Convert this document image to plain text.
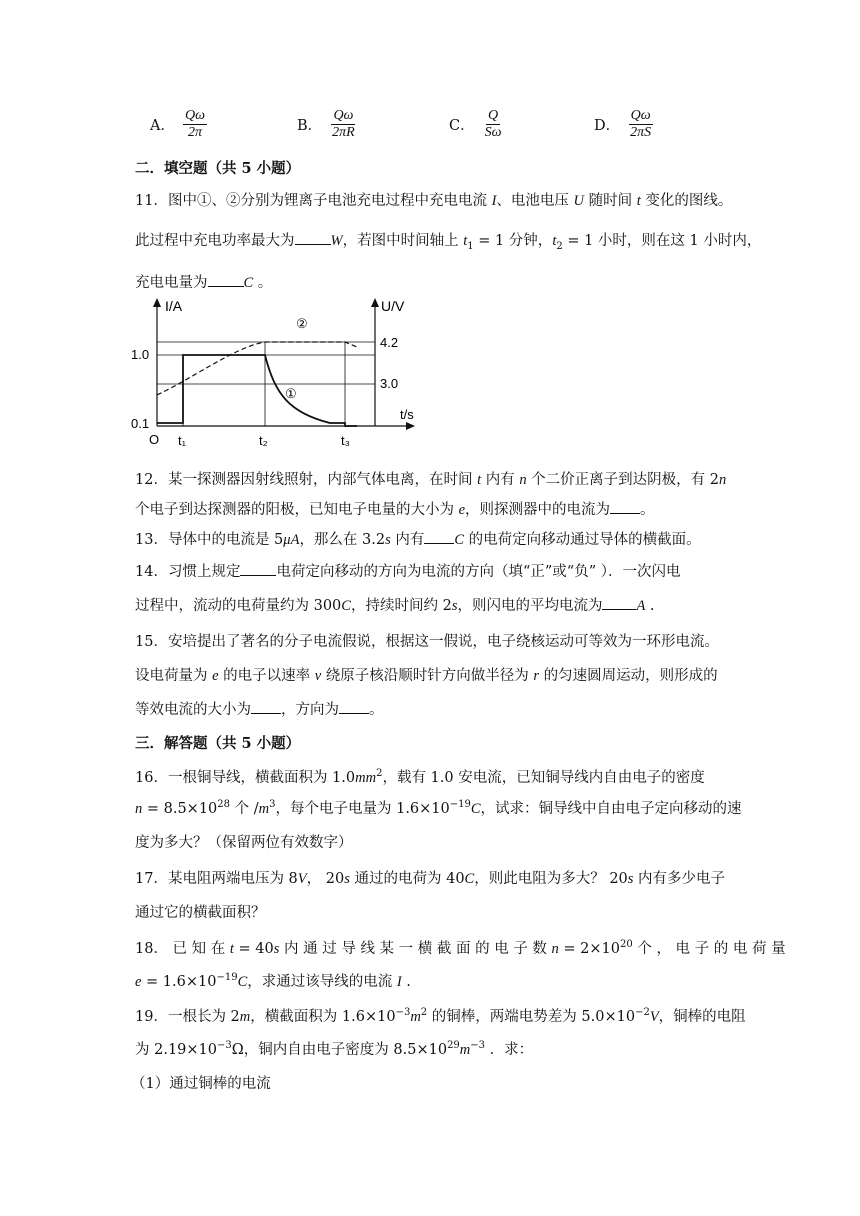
A． $\frac{Q\omega}{2\pi}$	B． $\frac{Q\omega}{2\pi R}$	C． $\frac{Q}{S\omega}$	D． $\frac{Q\omega}{2\pi S}$
二．填空题（共 5 小题）
11．图中①、②分别为锂离子电池充电过程中充电电流 I、电池电压 U 随时间 t 变化的图线。
此过程中充电功率最大为 W，若图中时间轴上 $t_1 = 1$ 分钟，$t_2 = 1$ 小时，则在这 1 小时内，
充电电量为 C 。
I/A	U/V
t/s
O
1.0
0.1
4.2
3.0
t₁	t₂	t₃
①
②
12．某一探测器因射线照射，内部气体电离，在时间 t 内有 n 个二价正离子到达阴极，有 2n
个电子到达探测器的阳极，已知电子电量的大小为 e，则探测器中的电流为 。
13．导体中的电流是 5μA，那么在 3.2s 内有 C 的电荷定向移动通过导体的横截面。
14．习惯上规定 电荷定向移动的方向为电流的方向（填“正”或“负” ）．一次闪电
过程中，流动的电荷量约为 300C，持续时间约 2s，则闪电的平均电流为 A .
15．安培提出了著名的分子电流假说，根据这一假说，电子绕核运动可等效为一环形电流。
设电荷量为 e 的电子以速率 v 绕原子核沿顺时针方向做半径为 r 的匀速圆周运动，则形成的
等效电流的大小为 ，方向为 。
三．解答题（共 5 小题）
16．一根铜导线，横截面积为 $1.0mm^2$，载有 1.0 安电流，已知铜导线内自由电子的密度
$n = 8.5\times 10^{28}$ 个 $/m^3$，每个电子电量为 $1.6\times 10^{-19}C$，试求：铜导线中自由电子定向移动的速
度为多大？（保留两位有效数字）
17．某电阻两端电压为 8V， 20s 通过的电荷为 40C，则此电阻为多大？ 20s 内有多少电子
通过它的横截面积？
18． 已 知 在 t = 40s 内 通 过 导 线 某 一 横 截 面 的 电 子 数 $n = 2\times 10^{20}$ 个 ， 电 子 的 电 荷 量
$e = 1.6\times 10^{-19}C$，求通过该导线的电流 I .
19．一根长为 2m，横截面积为 $1.6\times 10^{-3}m^2$ 的铜棒，两端电势差为 $5.0\times 10^{-2}V$，铜棒的电阻
为 $2.19\times 10^{-3}\Omega$，铜内自由电子密度为 $8.5\times 10^{29}m^{-3}$ ．求：
（1）通过铜棒的电流
